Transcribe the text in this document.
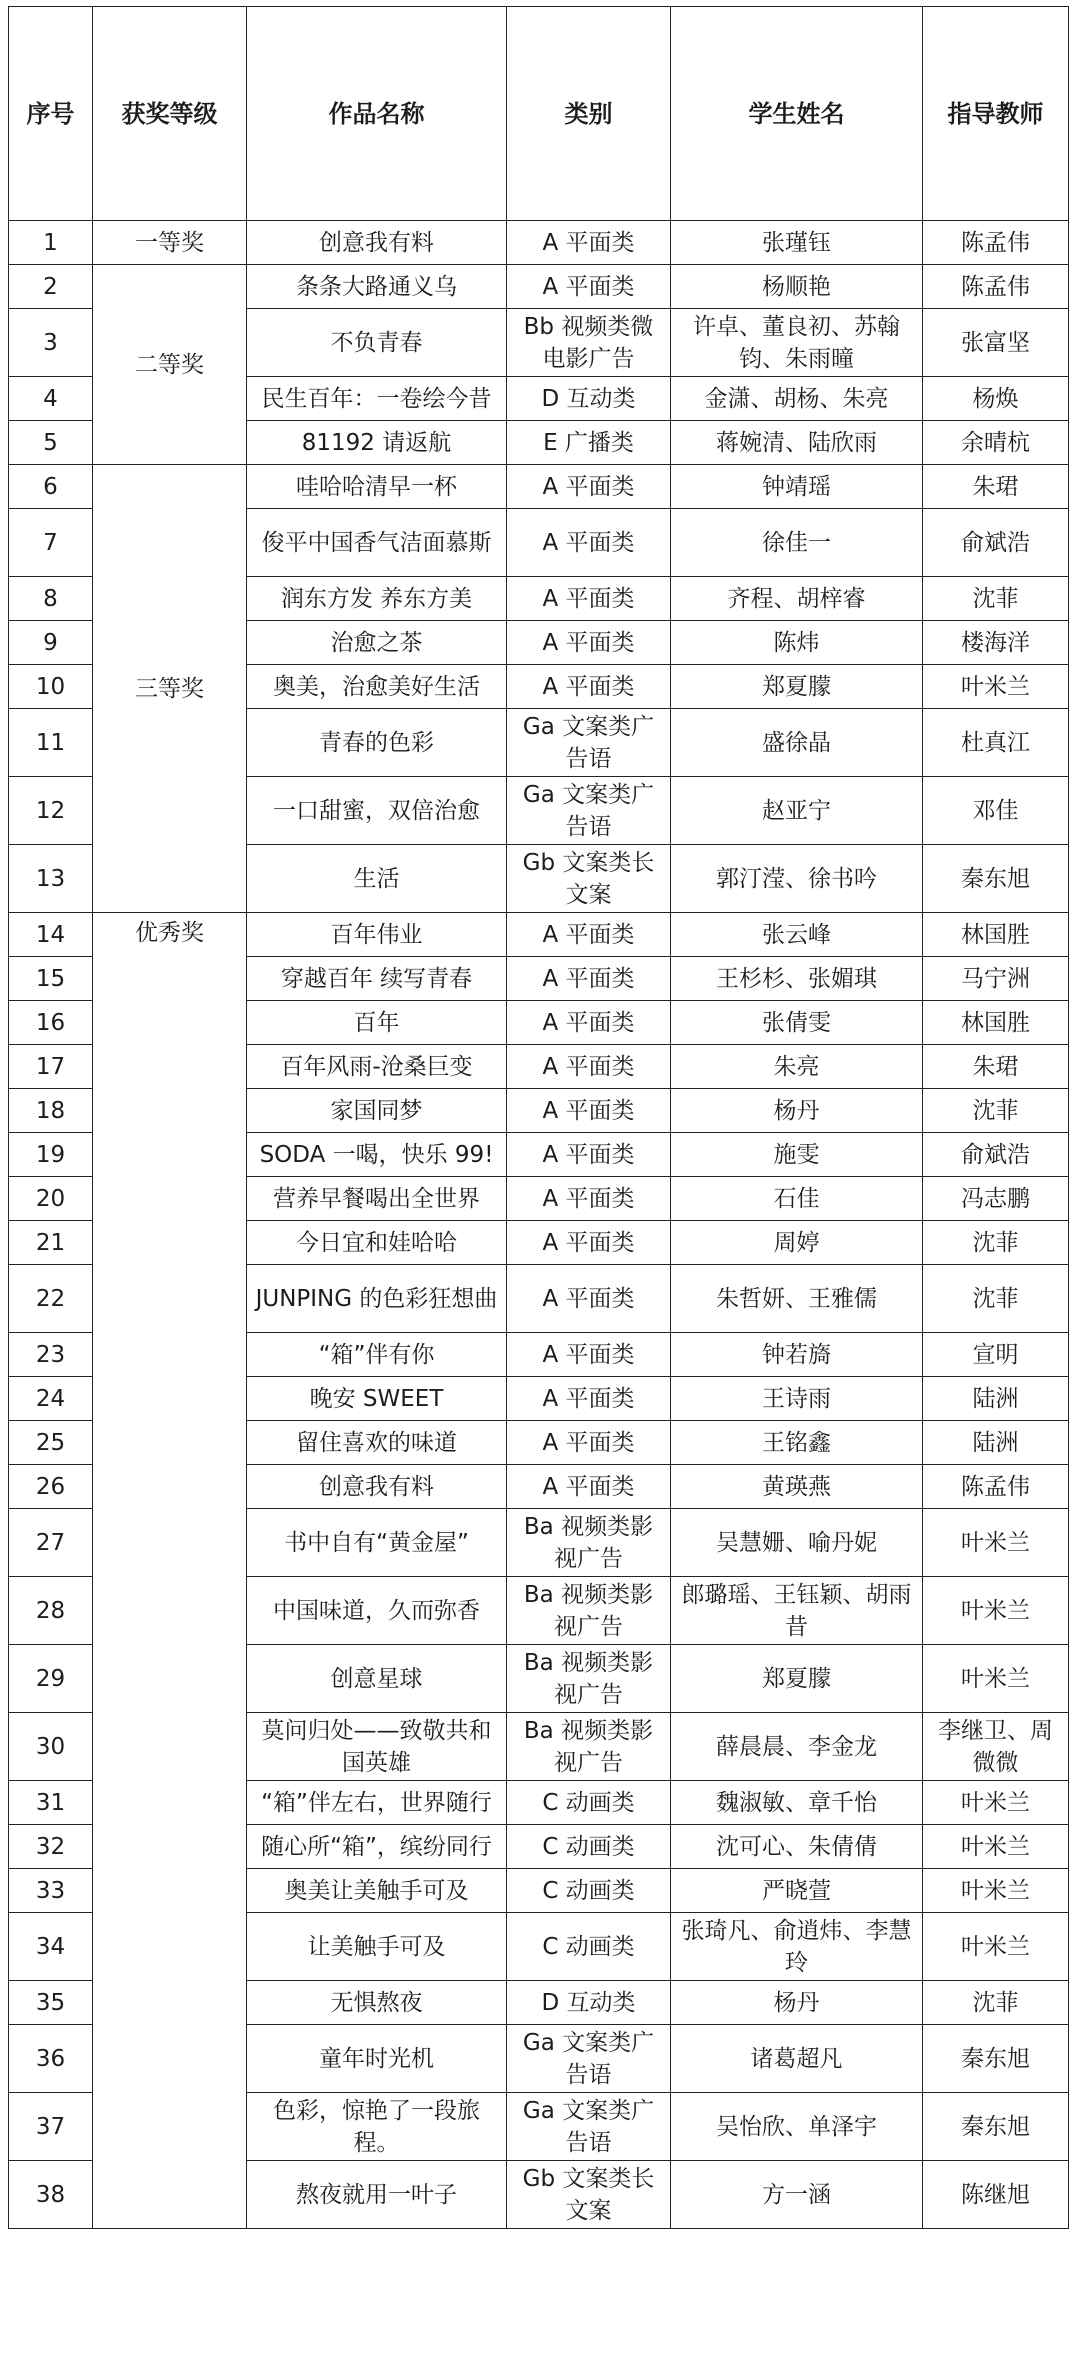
序号	获奖等级	作品名称	类别	学生姓名	指导教师
1	一等奖	创意我有料	A 平面类	张瑾钰	陈孟伟
2	二等奖	条条大路通义乌	A 平面类	杨顺艳	陈孟伟
3		不负青春	Bb 视频类微电影广告	许卓、董良初、苏翰钧、朱雨曈	张富坚
4		民生百年：一卷绘今昔	D 互动类	金潇、胡杨、朱亮	杨焕
5		81192 请返航	E 广播类	蒋婉清、陆欣雨	余晴杭
6	三等奖	哇哈哈清早一杯	A 平面类	钟靖瑶	朱珺
7		俊平中国香气洁面慕斯	A 平面类	徐佳一	俞斌浩
8		润东方发 养东方美	A 平面类	齐程、胡梓睿	沈菲
9		治愈之茶	A 平面类	陈炜	楼海洋
10		奥美，治愈美好生活	A 平面类	郑夏朦	叶米兰
11		青春的色彩	Ga 文案类广告语	盛徐晶	杜真江
12		一口甜蜜，双倍治愈	Ga 文案类广告语	赵亚宁	邓佳
13		生活	Gb 文案类长文案	郭汀滢、徐书吟	秦东旭
14	优秀奖	百年伟业	A 平面类	张云峰	林国胜
15		穿越百年 续写青春	A 平面类	王杉杉、张媚琪	马宁洲
16		百年	A 平面类	张倩雯	林国胜
17		百年风雨-沧桑巨变	A 平面类	朱亮	朱珺
18		家国同梦	A 平面类	杨丹	沈菲
19		SODA 一喝，快乐 99!	A 平面类	施雯	俞斌浩
20		营养早餐喝出全世界	A 平面类	石佳	冯志鹏
21		今日宜和娃哈哈	A 平面类	周婷	沈菲
22		JUNPING 的色彩狂想曲	A 平面类	朱哲妍、王雅儒	沈菲
23		“箱”伴有你	A 平面类	钟若旖	宣明
24		晚安 SWEET	A 平面类	王诗雨	陆洲
25		留住喜欢的味道	A 平面类	王铭鑫	陆洲
26		创意我有料	A 平面类	黄瑛燕	陈孟伟
27		书中自有“黄金屋”	Ba 视频类影视广告	吴慧姗、喻丹妮	叶米兰
28		中国味道，久而弥香	Ba 视频类影视广告	郎璐瑶、王钰颖、胡雨昔	叶米兰
29		创意星球	Ba 视频类影视广告	郑夏朦	叶米兰
30		莫问归处——致敬共和国英雄	Ba 视频类影视广告	薛晨晨、李金龙	李继卫、周微微
31		“箱”伴左右，世界随行	C 动画类	魏淑敏、章千怡	叶米兰
32		随心所“箱”，缤纷同行	C 动画类	沈可心、朱倩倩	叶米兰
33		奥美让美触手可及	C 动画类	严晓萱	叶米兰
34		让美触手可及	C 动画类	张琦凡、俞逍炜、李慧玲	叶米兰
35		无惧熬夜	D 互动类	杨丹	沈菲
36		童年时光机	Ga 文案类广告语	诸葛超凡	秦东旭
37		色彩，惊艳了一段旅程。	Ga 文案类广告语	吴怡欣、单泽宇	秦东旭
38		熬夜就用一叶子	Gb 文案类长文案	方一涵	陈继旭
